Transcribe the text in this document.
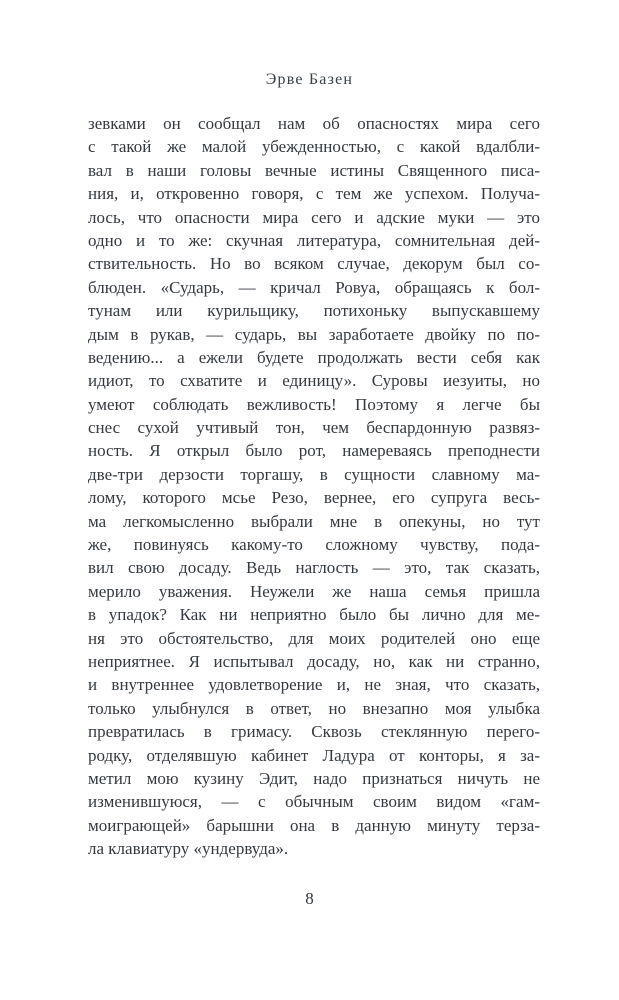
Эрве Базен
зевками он сообщал нам об опасностях мира сего
с такой же малой убежденностью, с какой вдалбли-
вал в наши головы вечные истины Священного писа-
ния, и, откровенно говоря, с тем же успехом. Получа-
лось, что опасности мира сего и адские муки — это
одно и то же: скучная литература, сомнительная дей-
ствительность. Но во всяком случае, декорум был со-
блюден. «Сударь, — кричал Ровуа, обращаясь к бол-
тунам или курильщику, потихоньку выпускавшему
дым в рукав, — сударь, вы заработаете двойку по по-
ведению... а ежели будете продолжать вести себя как
идиот, то схватите и единицу». Суровы иезуиты, но
умеют соблюдать вежливость! Поэтому я легче бы
снес сухой учтивый тон, чем беспардонную развяз-
ность. Я открыл было рот, намереваясь преподнести
две-три дерзости торгашу, в сущности славному ма-
лому, которого мсье Резо, вернее, его супруга весь-
ма легкомысленно выбрали мне в опекуны, но тут
же, повинуясь какому-то сложному чувству, пода-
вил свою досаду. Ведь наглость — это, так сказать,
мерило уважения. Неужели же наша семья пришла
в упадок? Как ни неприятно было бы лично для ме-
ня это обстоятельство, для моих родителей оно еще
неприятнее. Я испытывал досаду, но, как ни странно,
и внутреннее удовлетворение и, не зная, что сказать,
только улыбнулся в ответ, но внезапно моя улыбка
превратилась в гримасу. Сквозь стеклянную перего-
родку, отделявшую кабинет Ладура от конторы, я за-
метил мою кузину Эдит, надо признаться ничуть не
изменившуюся, — с обычным своим видом «гам-
моиграющей» барышни она в данную минуту терза-
ла клавиатуру «ундервуда».
8
